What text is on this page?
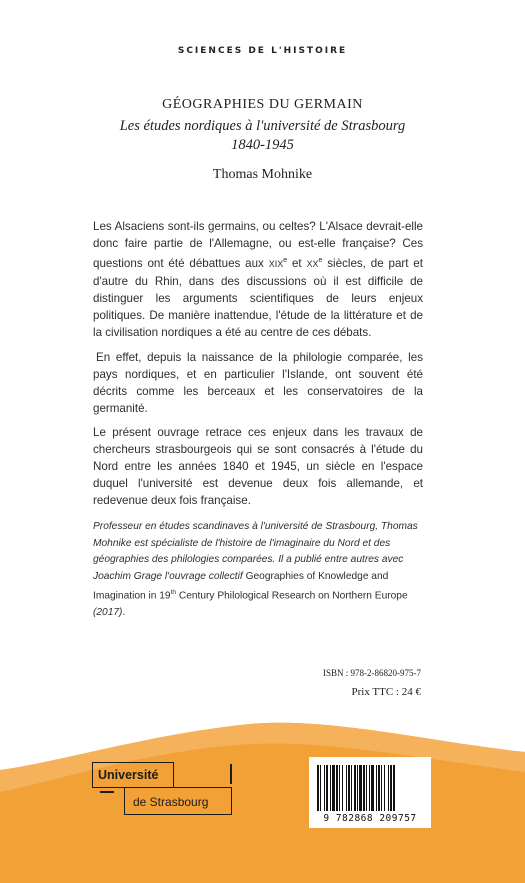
SCIENCES DE L'HISTOIRE
GÉOGRAPHIES DU GERMAIN
Les études nordiques à l'université de Strasbourg
1840-1945
Thomas Mohnike

Les Alsaciens sont-ils germains, ou celtes? L'Alsace devrait-elle donc faire partie de l'Allemagne, ou est-elle française? Ces questions ont été débattues aux XIXe et XXe siècles, de part et d'autre du Rhin, dans des discussions où il est difficile de distinguer les arguments scientifiques de leurs enjeux politiques. De manière inattendue, l'étude de la littérature et de la civilisation nordiques a été au centre de ces débats.

En effet, depuis la naissance de la philologie comparée, les pays nordiques, et en particulier l'Islande, ont souvent été décrits comme les berceaux et les conservatoires de la germanité.

Le présent ouvrage retrace ces enjeux dans les travaux de chercheurs strasbourgeois qui se sont consacrés à l'étude du Nord entre les années 1840 et 1945, un siècle en l'espace duquel l'université est devenue deux fois allemande, et redevenue deux fois française.

Professeur en études scandinaves à l'université de Strasbourg, Thomas Mohnike est spécialiste de l'histoire de l'imaginaire du Nord et des géographies des philologies comparées. Il a publié entre autres avec Joachim Grage l'ouvrage collectif Geographies of Knowledge and Imagination in 19th Century Philological Research on Northern Europe (2017).
ISBN : 978-2-86820-975-7
Prix TTC : 24 €
Université
de Strasbourg
9 782868 209757
